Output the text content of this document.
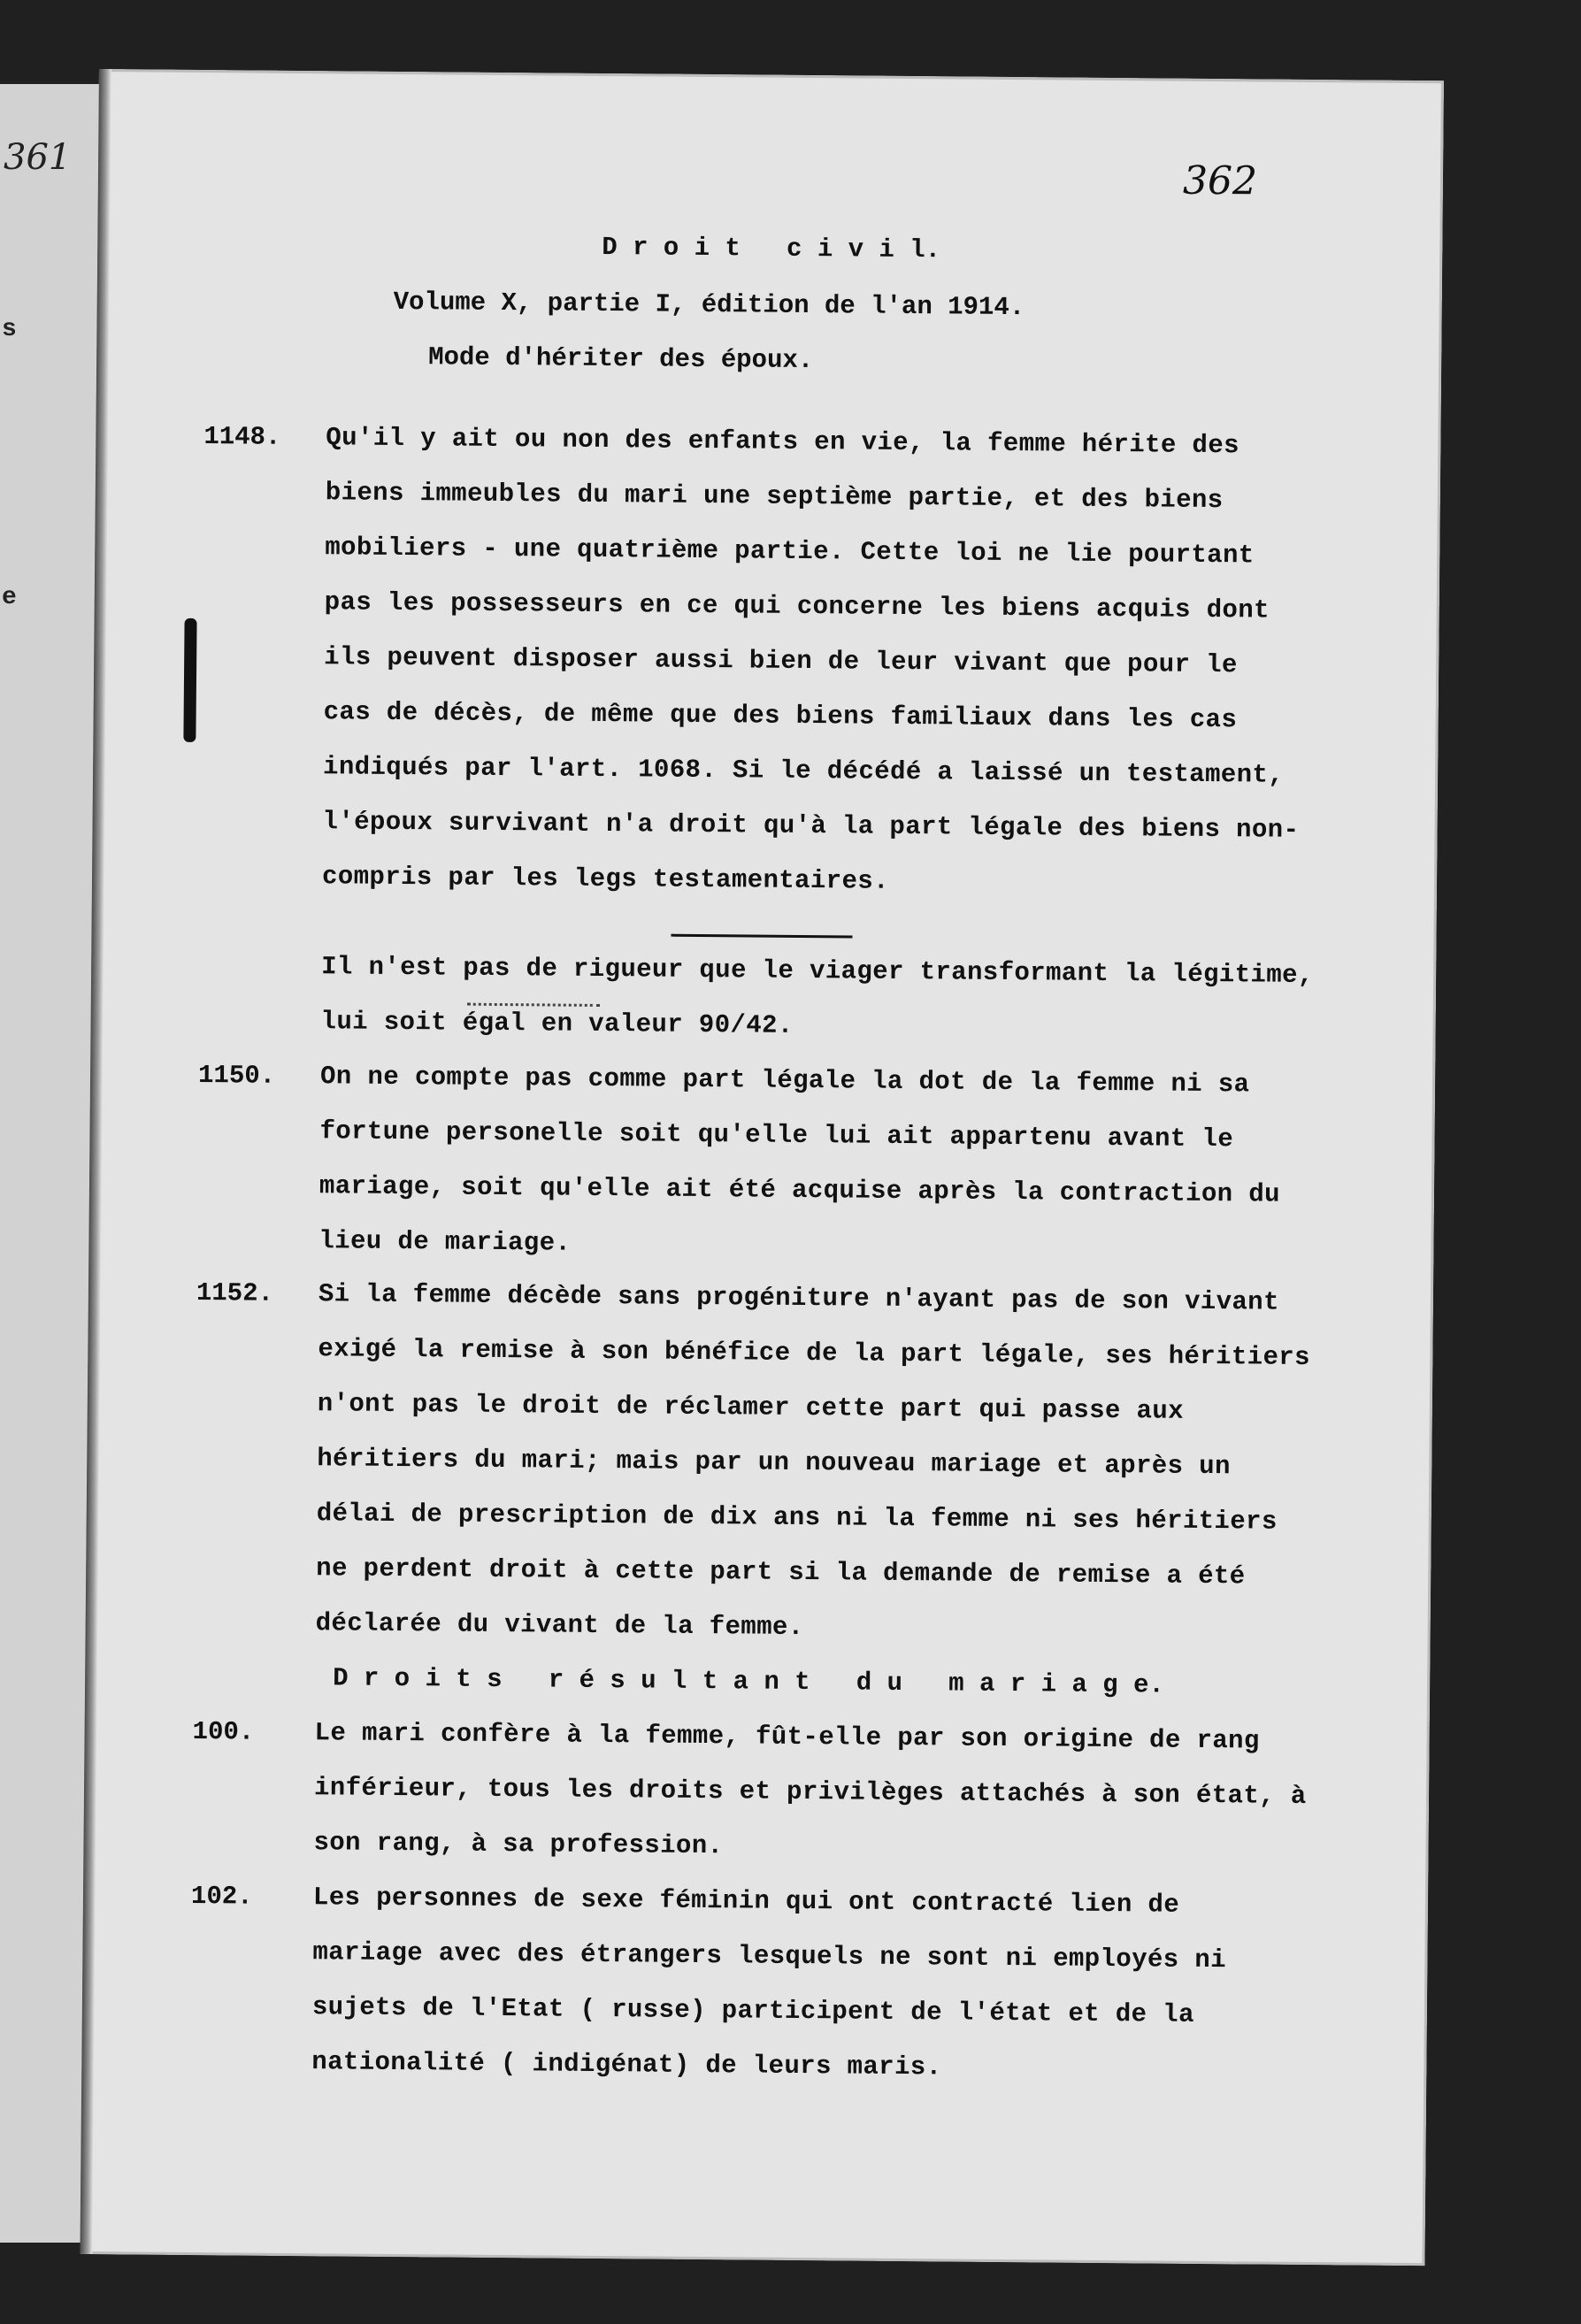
361
s
e
362
D r o i t   c i v i l.
Volume X, partie I, édition de l'an 1914.
Mode d'hériter des époux.
1148. Qu'il y ait ou non des enfants en vie, la femme hérite des
biens immeubles du mari une septième partie, et des biens
mobiliers - une quatrième partie. Cette loi ne lie pourtant
pas les possesseurs en ce qui concerne les biens acquis dont
ils peuvent disposer aussi bien de leur vivant que pour le
cas de décès, de même que des biens familiaux dans les cas
indiqués par l'art. 1068. Si le décédé a laissé un testament,
l'époux survivant n'a droit qu'à la part légale des biens non-
compris par les legs testamentaires.
Il n'est pas de rigueur que le viager transformant la légitime,
lui soit égal en valeur 90/42.
1150. On ne compte pas comme part légale la dot de la femme ni sa
fortune personelle soit qu'elle lui ait appartenu avant le
mariage, soit qu'elle ait été acquise après la contraction du
lieu de mariage.
1152. Si la femme décède sans progéniture n'ayant pas de son vivant
exigé la remise à son bénéfice de la part légale, ses héritiers
n'ont pas le droit de réclamer cette part qui passe aux
héritiers du mari; mais par un nouveau mariage et après un
délai de prescription de dix ans ni la femme ni ses héritiers
ne perdent droit à cette part si la demande de remise a été
déclarée du vivant de la femme.
D r o i t s   r é s u l t a n t   d u   m a r i a g e.
100. Le mari confère à la femme, fût-elle par son origine de rang
inférieur, tous les droits et privilèges attachés à son état, à
son rang, à sa profession.
102. Les personnes de sexe féminin qui ont contracté lien de
mariage avec des étrangers lesquels ne sont ni employés ni
sujets de l'Etat ( russe) participent de l'état et de la
nationalité ( indigénat) de leurs maris.
